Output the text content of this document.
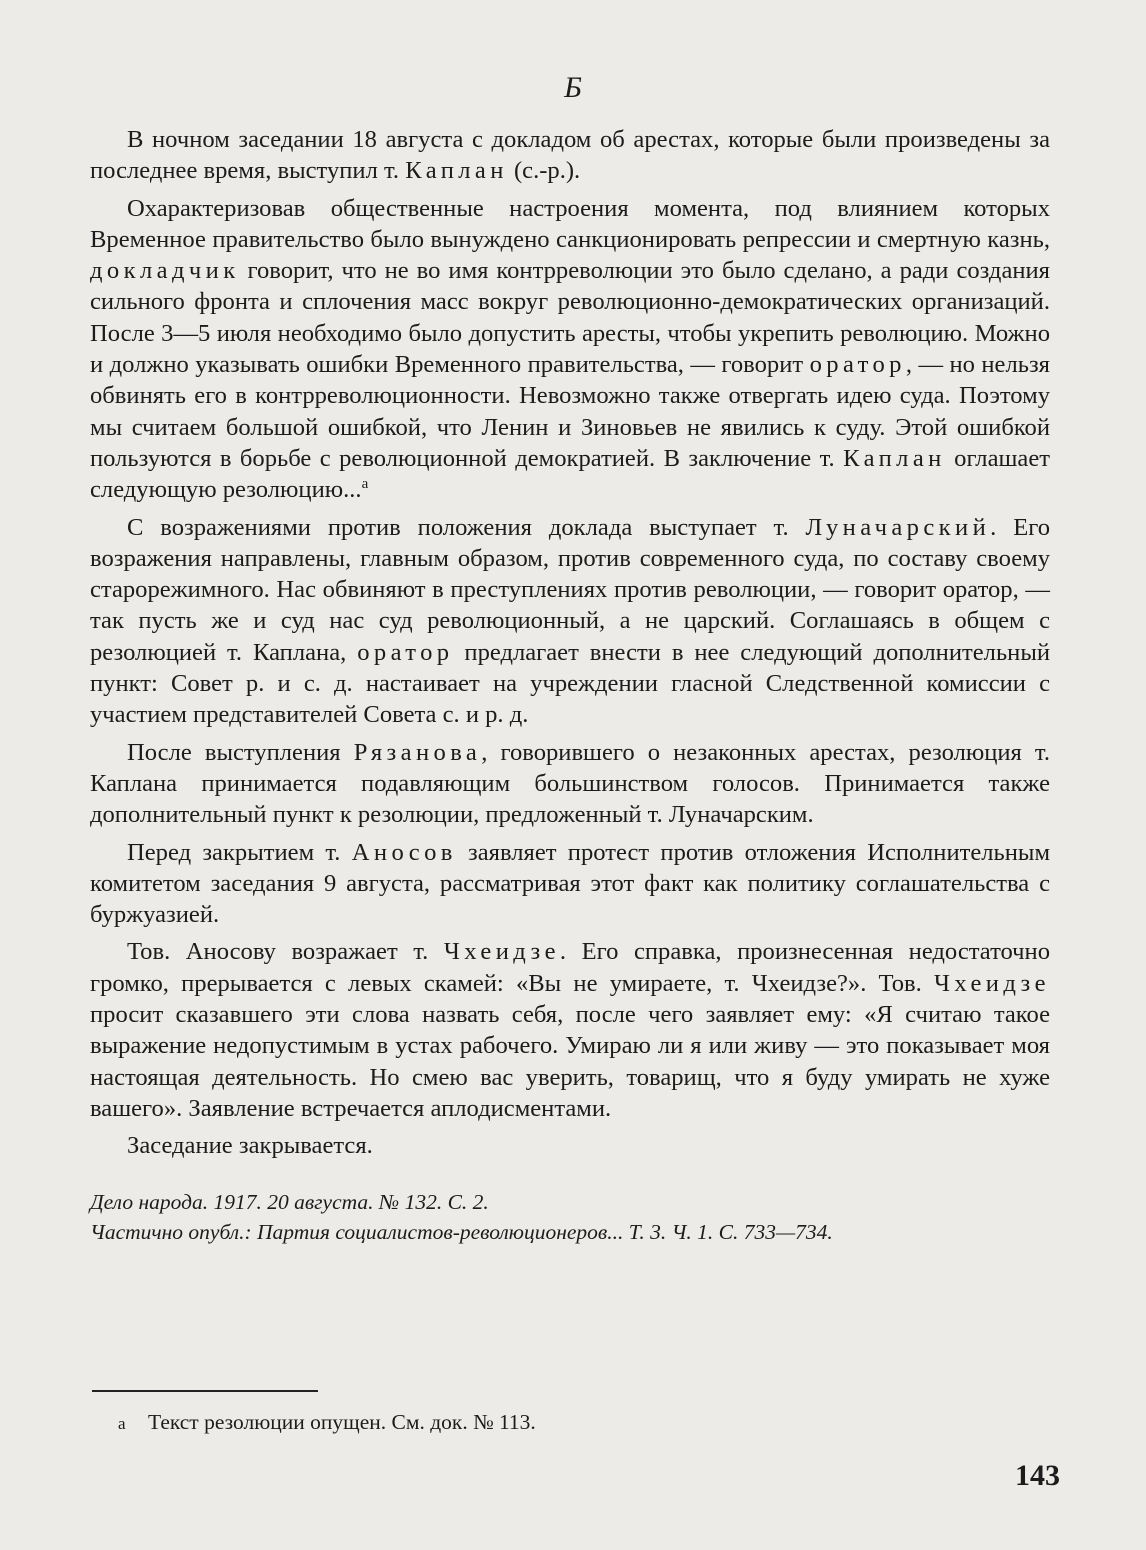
Б

В ночном заседании 18 августа с докладом об арестах, которые были произведены за последнее время, выступил т. Каплан (с.-р.).

Охарактеризовав общественные настроения момента, под влиянием которых Временное правительство было вынуждено санкционировать репрессии и смертную казнь, докладчик говорит, что не во имя контрреволюции это было сделано, а ради создания сильного фронта и сплочения масс вокруг революционно-демократических организаций. После 3—5 июля необходимо было допустить аресты, чтобы укрепить революцию. Можно и должно указывать ошибки Временного правительства, — говорит оратор, — но нельзя обвинять его в контрреволюционности. Невозможно также отвергать идею суда. Поэтому мы считаем большой ошибкой, что Ленин и Зиновьев не явились к суду. Этой ошибкой пользуются в борьбе с революционной демократией. В заключение т. Каплан оглашает следующую резолюцию...$^а$

С возражениями против положения доклада выступает т. Луначарский. Его возражения направлены, главным образом, против современного суда, по составу своему старорежимного. Нас обвиняют в преступлениях против революции, — говорит оратор, — так пусть же и суд нас суд революционный, а не царский. Соглашаясь в общем с резолюцией т. Каплана, оратор предлагает внести в нее следующий дополнительный пункт: Совет р. и с. д. настаивает на учреждении гласной Следственной комиссии с участием представителей Совета с. и р. д.

После выступления Рязанова, говорившего о незаконных арестах, резолюция т. Каплана принимается подавляющим большинством голосов. Принимается также дополнительный пункт к резолюции, предложенный т. Луначарским.

Перед закрытием т. Аносов заявляет протест против отложения Исполнительным комитетом заседания 9 августа, рассматривая этот факт как политику соглашательства с буржуазией.

Тов. Аносову возражает т. Чхеидзе. Его справка, произнесенная недостаточно громко, прерывается с левых скамей: «Вы не умираете, т. Чхеидзе?». Тов. Чхеидзе просит сказавшего эти слова назвать себя, после чего заявляет ему: «Я считаю такое выражение недопустимым в устах рабочего. Умираю ли я или живу — это показывает моя настоящая деятельность. Но смею вас уверить, товарищ, что я буду умирать не хуже вашего». Заявление встречается аплодисментами.

Заседание закрывается.

Дело народа. 1917. 20 августа. № 132. С. 2.
Частично опубл.: Партия социалистов-революционеров... Т. 3. Ч. 1. С. 733—734.
а Текст резолюции опущен. См. док. № 113.
143
